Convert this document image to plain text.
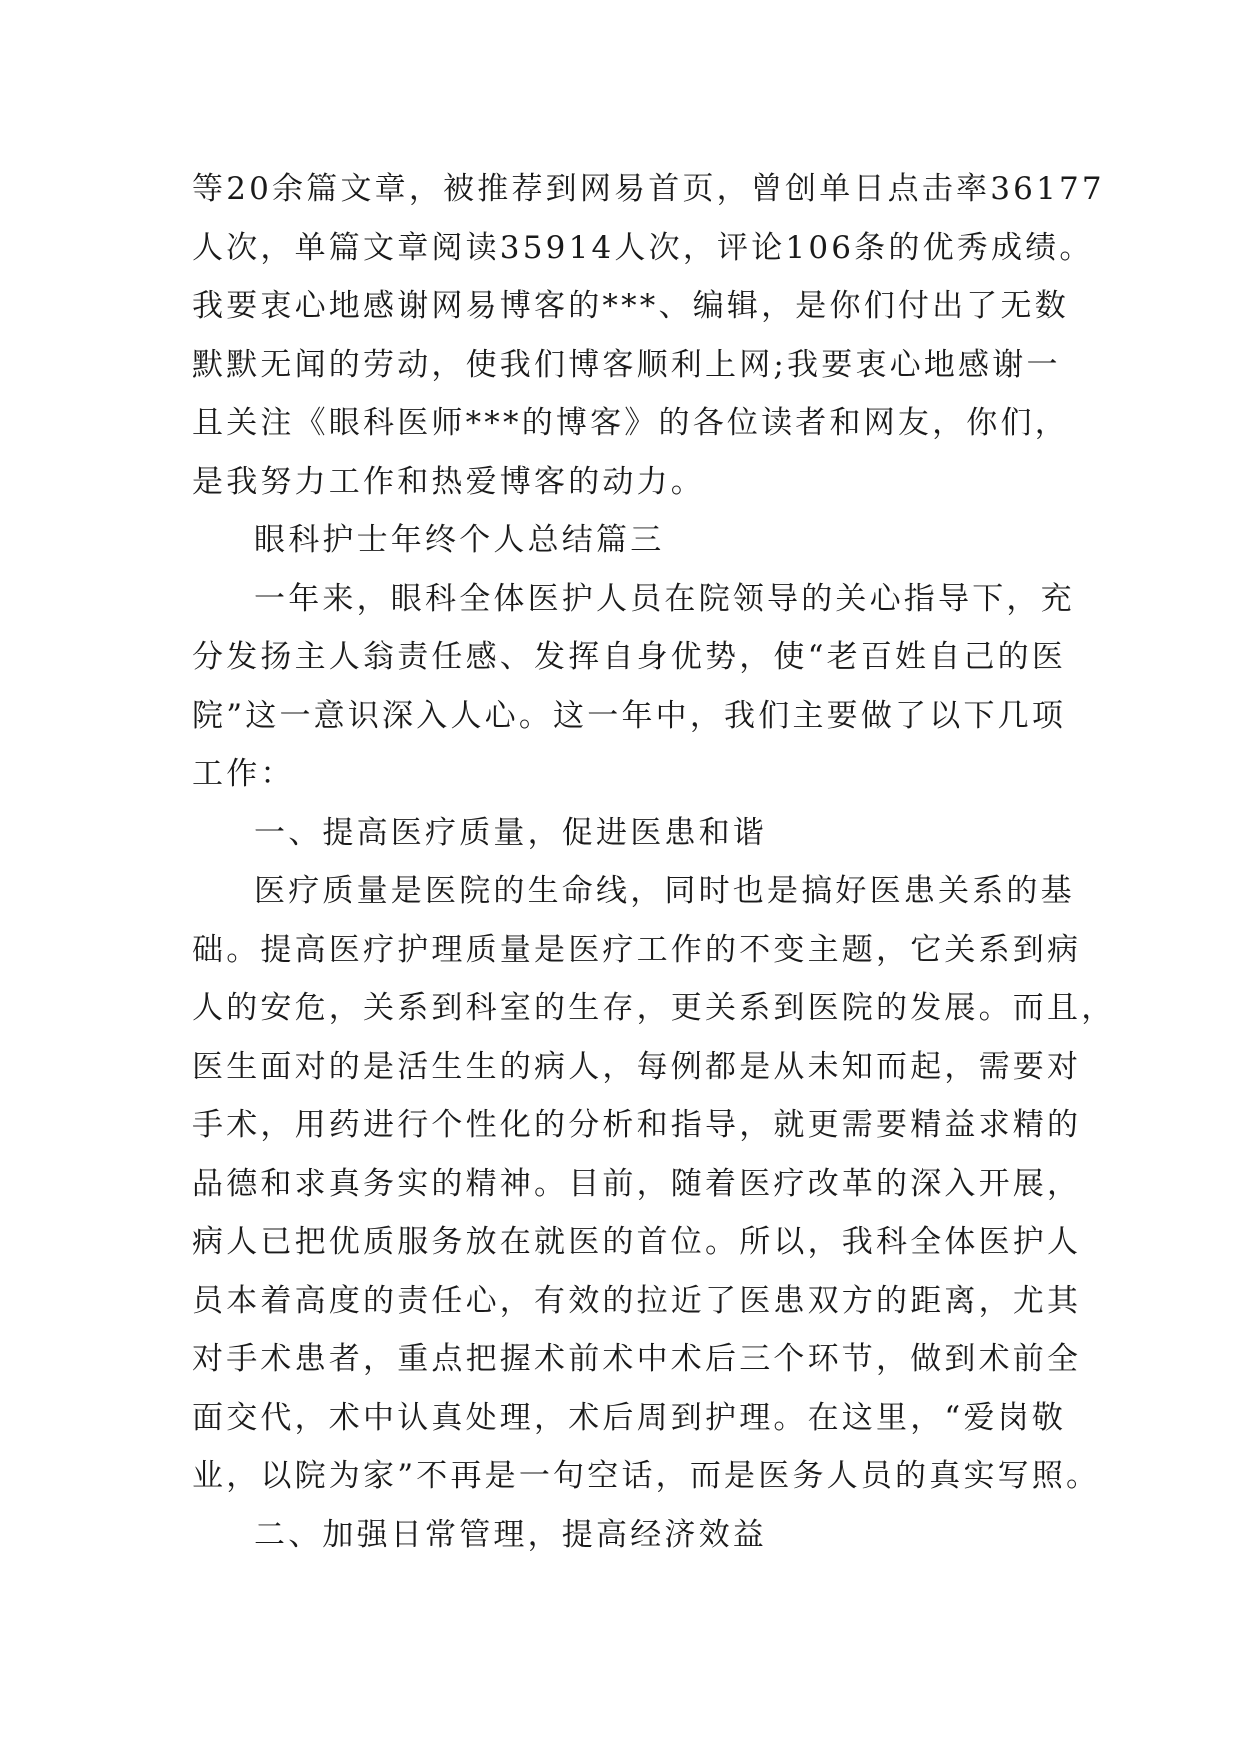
等20余篇文章，被推荐到网易首页，曾创单日点击率36177
人次，单篇文章阅读35914人次，评论106条的优秀成绩。
我要衷心地感谢网易博客的***、编辑，是你们付出了无数
默默无闻的劳动，使我们博客顺利上网;我要衷心地感谢一
且关注《眼科医师***的博客》的各位读者和网友，你们，
是我努力工作和热爱博客的动力。
眼科护士年终个人总结篇三
一年来，眼科全体医护人员在院领导的关心指导下，充
分发扬主人翁责任感、发挥自身优势，使“老百姓自己的医
院”这一意识深入人心。这一年中，我们主要做了以下几项
工作：
一、提高医疗质量，促进医患和谐
医疗质量是医院的生命线，同时也是搞好医患关系的基
础。提高医疗护理质量是医疗工作的不变主题，它关系到病
人的安危，关系到科室的生存，更关系到医院的发展。而且，
医生面对的是活生生的病人，每例都是从未知而起，需要对
手术，用药进行个性化的分析和指导，就更需要精益求精的
品德和求真务实的精神。目前，随着医疗改革的深入开展，
病人已把优质服务放在就医的首位。所以，我科全体医护人
员本着高度的责任心，有效的拉近了医患双方的距离，尤其
对手术患者，重点把握术前术中术后三个环节，做到术前全
面交代，术中认真处理，术后周到护理。在这里，“爱岗敬
业，以院为家”不再是一句空话，而是医务人员的真实写照。
二、加强日常管理，提高经济效益
